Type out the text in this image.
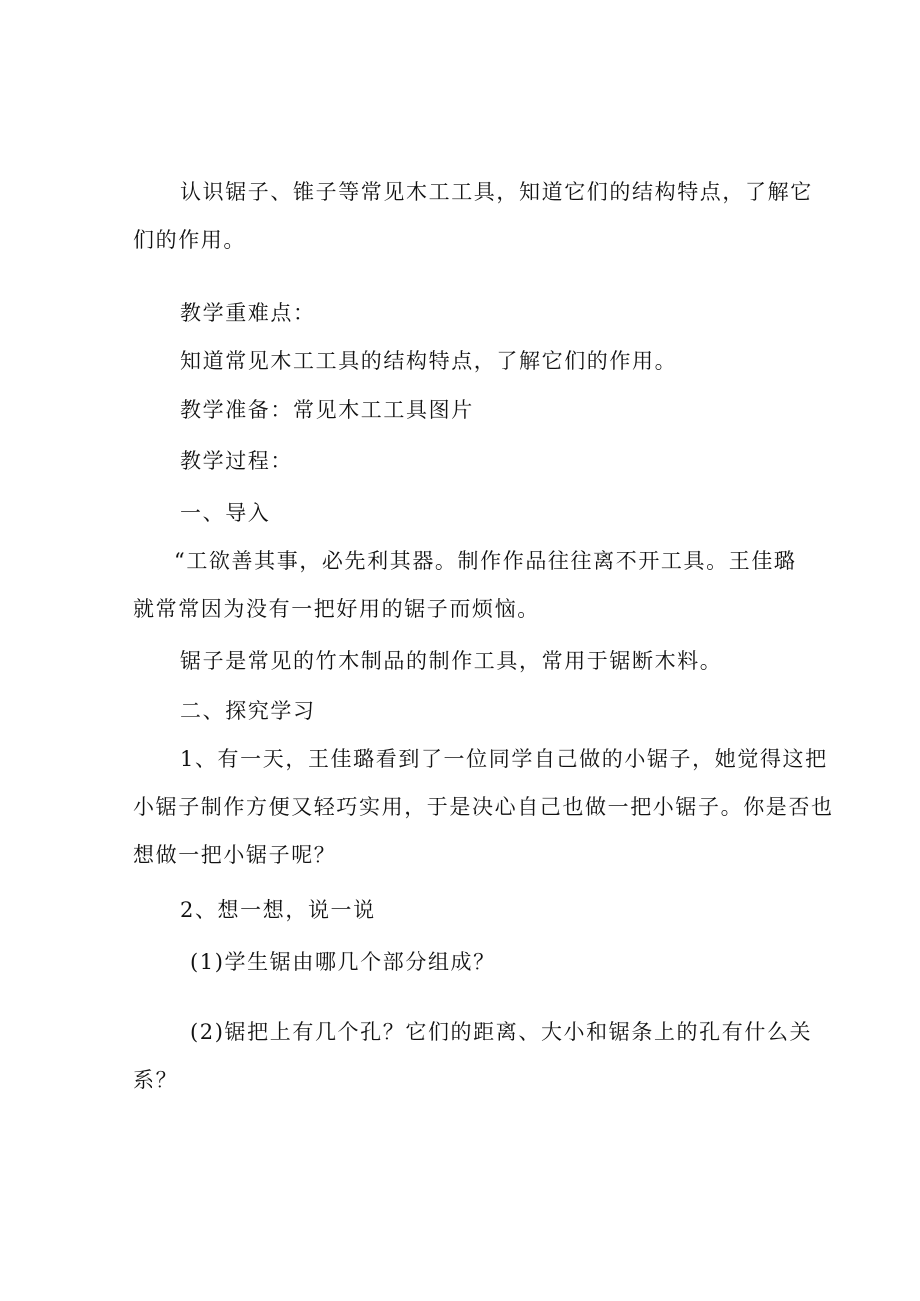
认识锯子、锥子等常见木工工具，知道它们的结构特点，了解它
们的作用。

教学重难点：

知道常见木工工具的结构特点，了解它们的作用。

教学准备：常见木工工具图片

教学过程：

一、导入

“工欲善其事，必先利其器。制作作品往往离不开工具。王佳璐
就常常因为没有一把好用的锯子而烦恼。

锯子是常见的竹木制品的制作工具，常用于锯断木料。

二、探究学习

1、有一天，王佳璐看到了一位同学自己做的小锯子，她觉得这把
小锯子制作方便又轻巧实用，于是决心自己也做一把小锯子。你是否也
想做一把小锯子呢？

2、想一想，说一说

(1)学生锯由哪几个部分组成？

(2)锯把上有几个孔？它们的距离、大小和锯条上的孔有什么关
系？
